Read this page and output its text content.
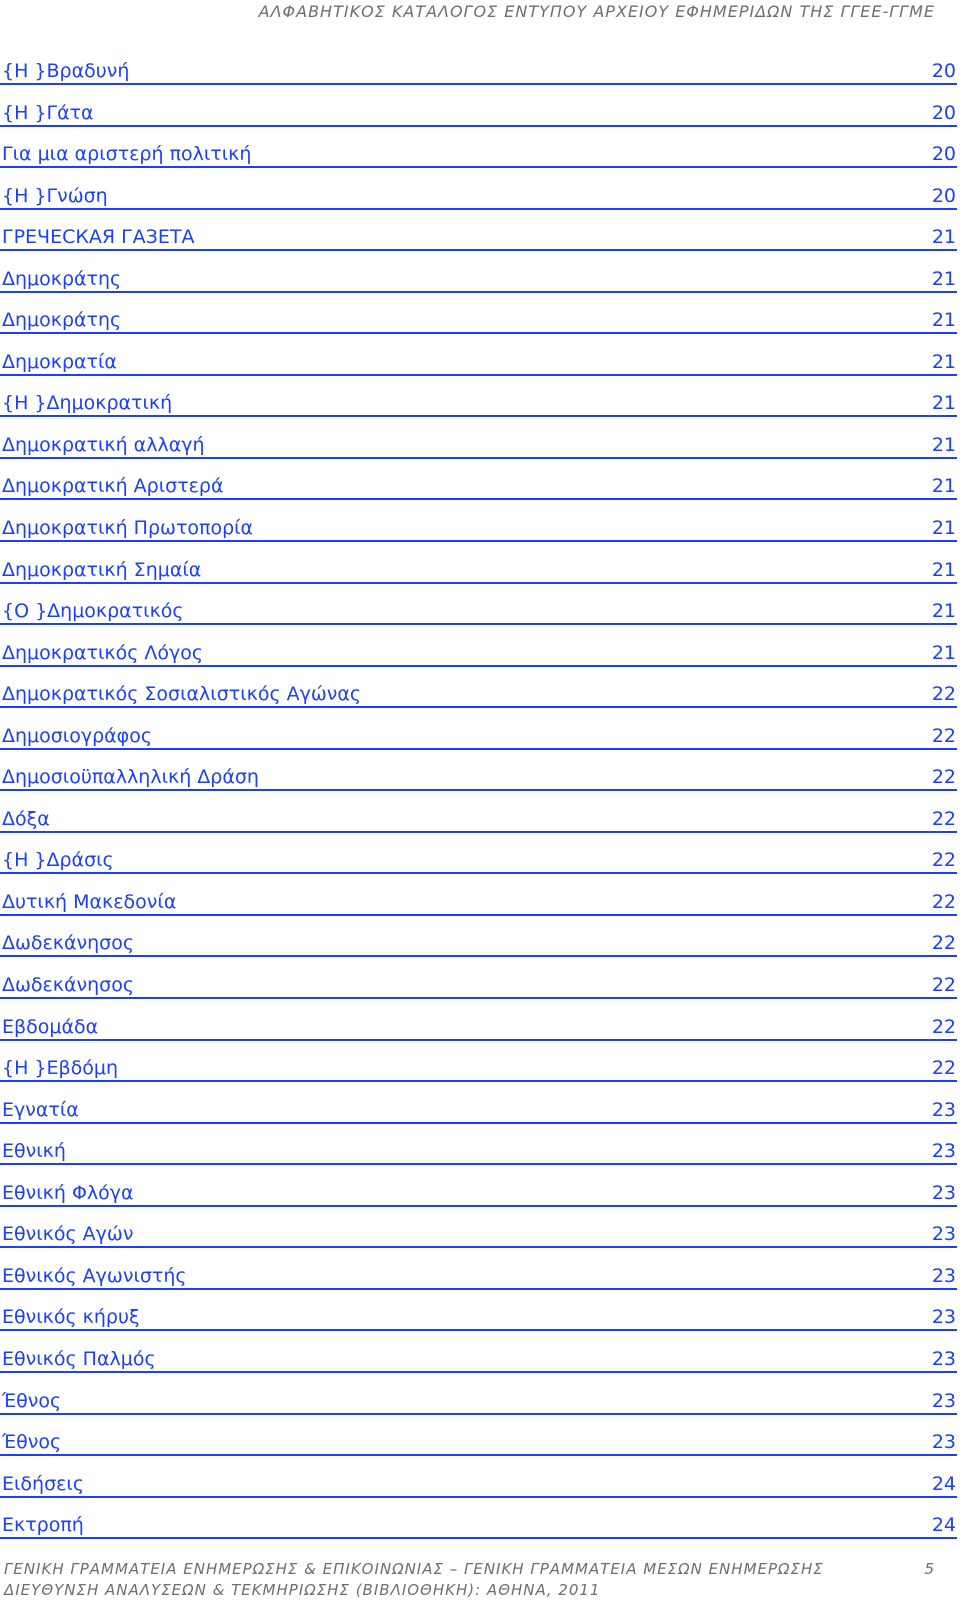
ΑΛΦΑΒΗΤΙΚΟΣ ΚΑΤΑΛΟΓΟΣ ΕΝΤΥΠΟΥ ΑΡΧΕΙΟΥ ΕΦΗΜΕΡΙΔΩΝ ΤΗΣ ΓΓΕΕ-ΓΓΜΕ
{Η }Βραδυνή	20
{Η }Γάτα	20
Για μια αριστερή πολιτική	20
{Η }Γνώση	20
ГРЕЧЕСКАЯ ГАЗЕТА	21
Δημοκράτης	21
Δημοκράτης	21
Δημοκρατία	21
{Η }Δημοκρατική	21
Δημοκρατική αλλαγή	21
Δημοκρατική Αριστερά	21
Δημοκρατική Πρωτοπορία	21
Δημοκρατική Σημαία	21
{Ο }Δημοκρατικός	21
Δημοκρατικός Λόγος	21
Δημοκρατικός Σοσιαλιστικός Αγώνας	22
Δημοσιογράφος	22
Δημοσιοϋπαλληλική Δράση	22
Δόξα	22
{Η }Δράσις	22
Δυτική Μακεδονία	22
Δωδεκάνησος	22
Δωδεκάνησος	22
Εβδομάδα	22
{Η }Εβδόμη	22
Εγνατία	23
Εθνική	23
Εθνική Φλόγα	23
Εθνικός Αγών	23
Εθνικός Αγωνιστής	23
Εθνικός κήρυξ	23
Εθνικός Παλμός	23
Έθνος	23
Έθνος	23
Ειδήσεις	24
Εκτροπή	24
ΓΕΝΙΚΗ ΓΡΑΜΜΑΤΕΙΑ ΕΝΗΜΕΡΩΣΗΣ & ΕΠΙΚΟΙΝΩΝΙΑΣ – ΓΕΝΙΚΗ ΓΡΑΜΜΑΤΕΙΑ ΜΕΣΩΝ ΕΝΗΜΕΡΩΣΗΣ	5
ΔΙΕΥΘΥΝΣΗ ΑΝΑΛΥΣΕΩΝ & ΤΕΚΜΗΡΙΩΣΗΣ (ΒΙΒΛΙΟΘΗΚΗ): ΑΘΗΝΑ, 2011
